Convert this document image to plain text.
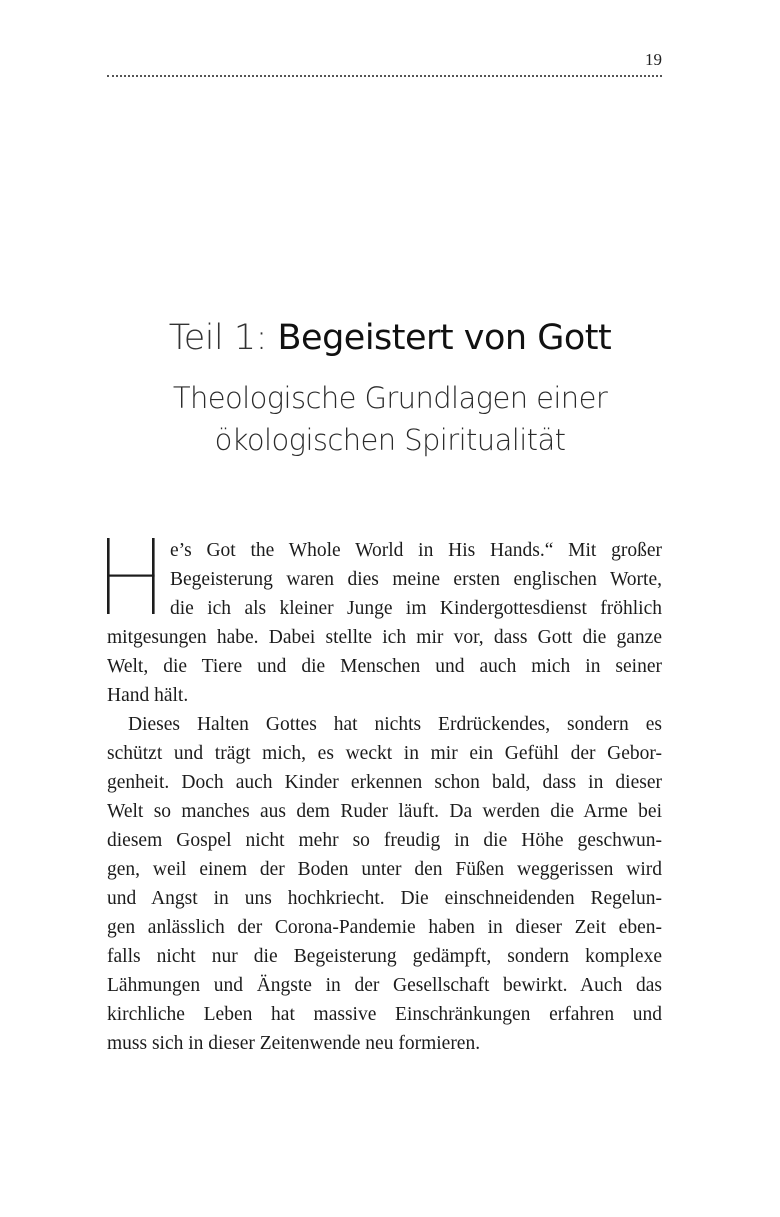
19
Teil 1: Begeistert von Gott
Theologische Grundlagen einer
ökologischen Spiritualität
e’s Got the Whole World in His Hands.“ Mit großer
Begeisterung waren dies meine ersten englischen Worte,
die ich als kleiner Junge im Kindergottesdienst fröhlich
mitgesungen habe. Dabei stellte ich mir vor, dass Gott die ganze
Welt, die Tiere und die Menschen und auch mich in seiner
Hand hält.
Dieses Halten Gottes hat nichts Erdrückendes, sondern es
schützt und trägt mich, es weckt in mir ein Gefühl der Gebor-
genheit. Doch auch Kinder erkennen schon bald, dass in dieser
Welt so manches aus dem Ruder läuft. Da werden die Arme bei
diesem Gospel nicht mehr so freudig in die Höhe geschwun-
gen, weil einem der Boden unter den Füßen weggerissen wird
und Angst in uns hochkriecht. Die einschneidenden Regelun-
gen anlässlich der Corona-Pandemie haben in dieser Zeit eben-
falls nicht nur die Begeisterung gedämpft, sondern komplexe
Lähmungen und Ängste in der Gesellschaft bewirkt. Auch das
kirchliche Leben hat massive Einschränkungen erfahren und
muss sich in dieser Zeitenwende neu formieren.
